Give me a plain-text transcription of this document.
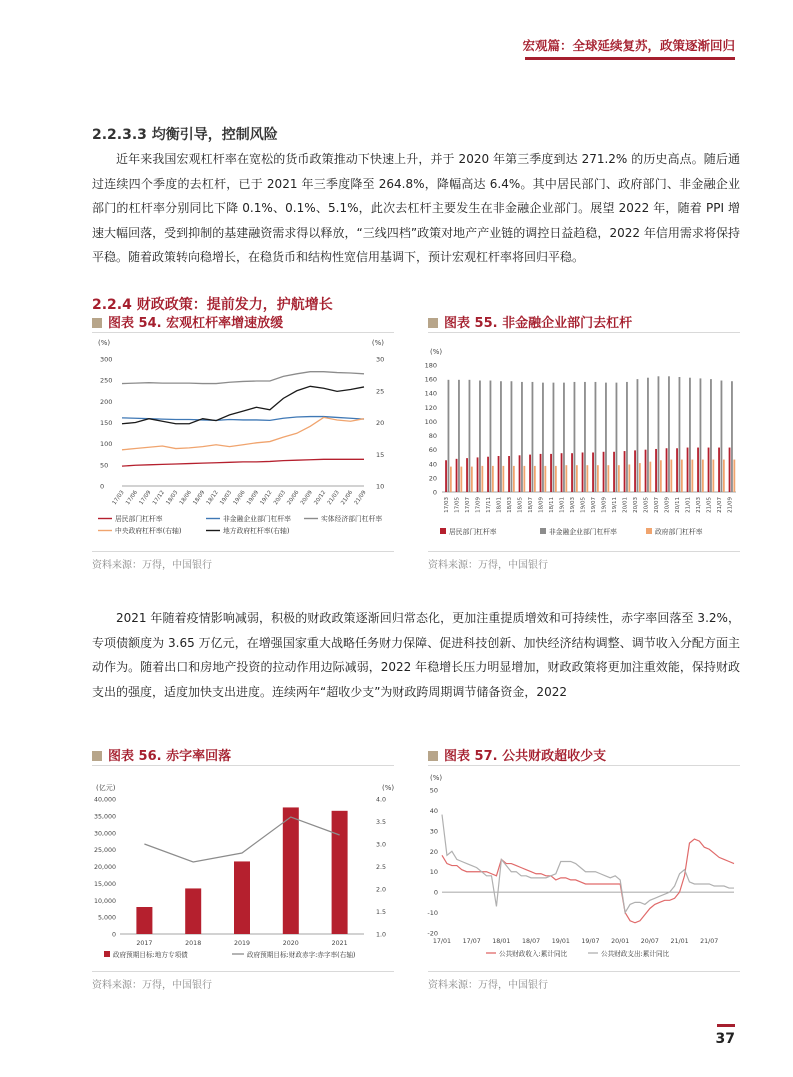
宏观篇：全球延续复苏，政策逐渐回归
2.2.3.3 均衡引导，控制风险
近年来我国宏观杠杆率在宽松的货币政策推动下快速上升，并于 2020 年第三季度到达 271.2% 的历史高点。随后通过连续四个季度的去杠杆，已于 2021 年三季度降至 264.8%，降幅高达 6.4%。其中居民部门、政府部门、非金融企业部门的杠杆率分别同比下降 0.1%、0.1%、5.1%，此次去杠杆主要发生在非金融企业部门。展望 2022 年，随着 PPI 增速大幅回落，受到抑制的基建融资需求得以释放，“三线四档”政策对地产产业链的调控日益趋稳，2022 年信用需求将保持平稳。随着政策转向稳增长，在稳货币和结构性宽信用基调下，预计宏观杠杆率将回归平稳。
2.2.4 财政政策：提前发力，护航增长
图表 54. 宏观杠杆率增速放缓
(%)	(%)
0
50
100
150
200
250
300
10
15
20
25
30
17/03 17/06 17/09 17/12 18/03 18/06 18/09 18/12 19/03 19/06 19/09 19/12 20/03 20/06 20/09 20/12 21/03 21/06 21/09
居民部门杠杆率	非金融企业部门杠杆率	实体经济部门杠杆率
中央政府杠杆率(右轴)	地方政府杠杆率(右轴)
资料来源：万得，中国银行
图表 55. 非金融企业部门去杠杆
(%)
0
20
40
60
80
100
120
140
160
180
17/03 17/05 17/07 17/09 17/11 18/01 18/03 18/05 18/07 18/09 18/11 19/01 19/03 19/05 19/07 19/09 19/11 20/01 20/03 20/05 20/07 20/09 20/11 21/01 21/03 21/05 21/07 21/09
居民部门杠杆率	非金融企业部门杠杆率	政府部门杠杆率
资料来源：万得，中国银行
2021 年随着疫情影响减弱，积极的财政政策逐渐回归常态化，更加注重提质增效和可持续性，赤字率回落至 3.2%，专项债额度为 3.65 万亿元，在增强国家重大战略任务财力保障、促进科技创新、加快经济结构调整、调节收入分配方面主动作为。随着出口和房地产投资的拉动作用边际减弱，2022 年稳增长压力明显增加，财政政策将更加注重效能，保持财政支出的强度，适度加快支出进度。连续两年“超收少支”为财政跨周期调节储备资金，2022
图表 56. 赤字率回落
(亿元)	(%)
0
5,000
10,000
15,000
20,000
25,000
30,000
35,000
40,000
1.0
1.5
2.0
2.5
3.0
3.5
4.0
2017	2018	2019	2020	2021
政府预期目标:地方专项债	政府预期目标:财政赤字:赤字率(右轴)
资料来源：万得，中国银行
图表 57. 公共财政超收少支
(%)
-20
-10
0
10
20
30
40
50
17/01 17/07 18/01 18/07 19/01 19/07 20/01 20/07 21/01 21/07
公共财政收入:累计同比	公共财政支出:累计同比
资料来源：万得，中国银行
37
